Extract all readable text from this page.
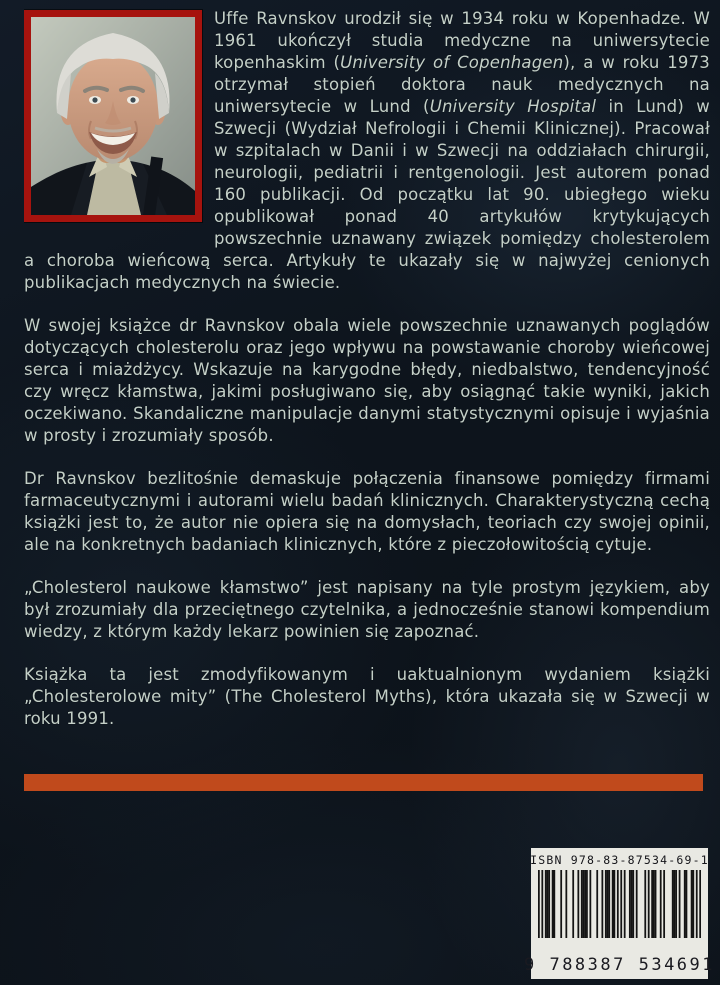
Uffe Ravnskov urodził się w 1934 roku w Kopenhadze. W 1961 ukończył studia medyczne na uniwersytecie kopenhaskim (University of Copenhagen), a w roku 1973 otrzymał stopień doktora nauk medycznych na uniwersytecie w Lund (University Hospital in Lund) w Szwecji (Wydział Nefrologii i Chemii Klinicznej). Pracował w szpitalach w Danii i w Szwecji na oddziałach chirurgii, neurologii, pediatrii i rentgenologii. Jest autorem ponad 160 publikacji. Od początku lat 90. ubiegłego wieku opublikował ponad 40 artykułów krytykujących powszechnie uznawany związek pomiędzy cholesterolem a choroba wieńcową serca. Artykuły te ukazały się w najwyżej cenionych publikacjach medycznych na świecie.

W swojej książce dr Ravnskov obala wiele powszechnie uznawanych poglądów dotyczących cholesterolu oraz jego wpływu na powstawanie choroby wieńcowej serca i miażdżycy. Wskazuje na karygodne błędy, niedbalstwo, tendencyjność czy wręcz kłamstwa, jakimi posługiwano się, aby osiągnąć takie wyniki, jakich oczekiwano. Skandaliczne manipulacje danymi statystycznymi opisuje i wyjaśnia w prosty i zrozumiały sposób.

Dr Ravnskov bezlitośnie demaskuje połączenia finansowe pomiędzy firmami farmaceutycznymi i autorami wielu badań klinicznych. Charakterystyczną cechą książki jest to, że autor nie opiera się na domysłach, teoriach czy swojej opinii, ale na konkretnych badaniach klinicznych, które z pieczołowitością cytuje.

„Cholesterol naukowe kłamstwo” jest napisany na tyle prostym językiem, aby był zrozumiały dla przeciętnego czytelnika, a jednocześnie stanowi kompendium wiedzy, z którym każdy lekarz powinien się zapoznać.

Książka ta jest zmodyfikowanym i uaktualnionym wydaniem książki „Cholesterolowe mity” (The Cholesterol Myths), która ukazała się w Szwecji w roku 1991.

ISBN 978-83-87534-69-1
9 788387 534691
